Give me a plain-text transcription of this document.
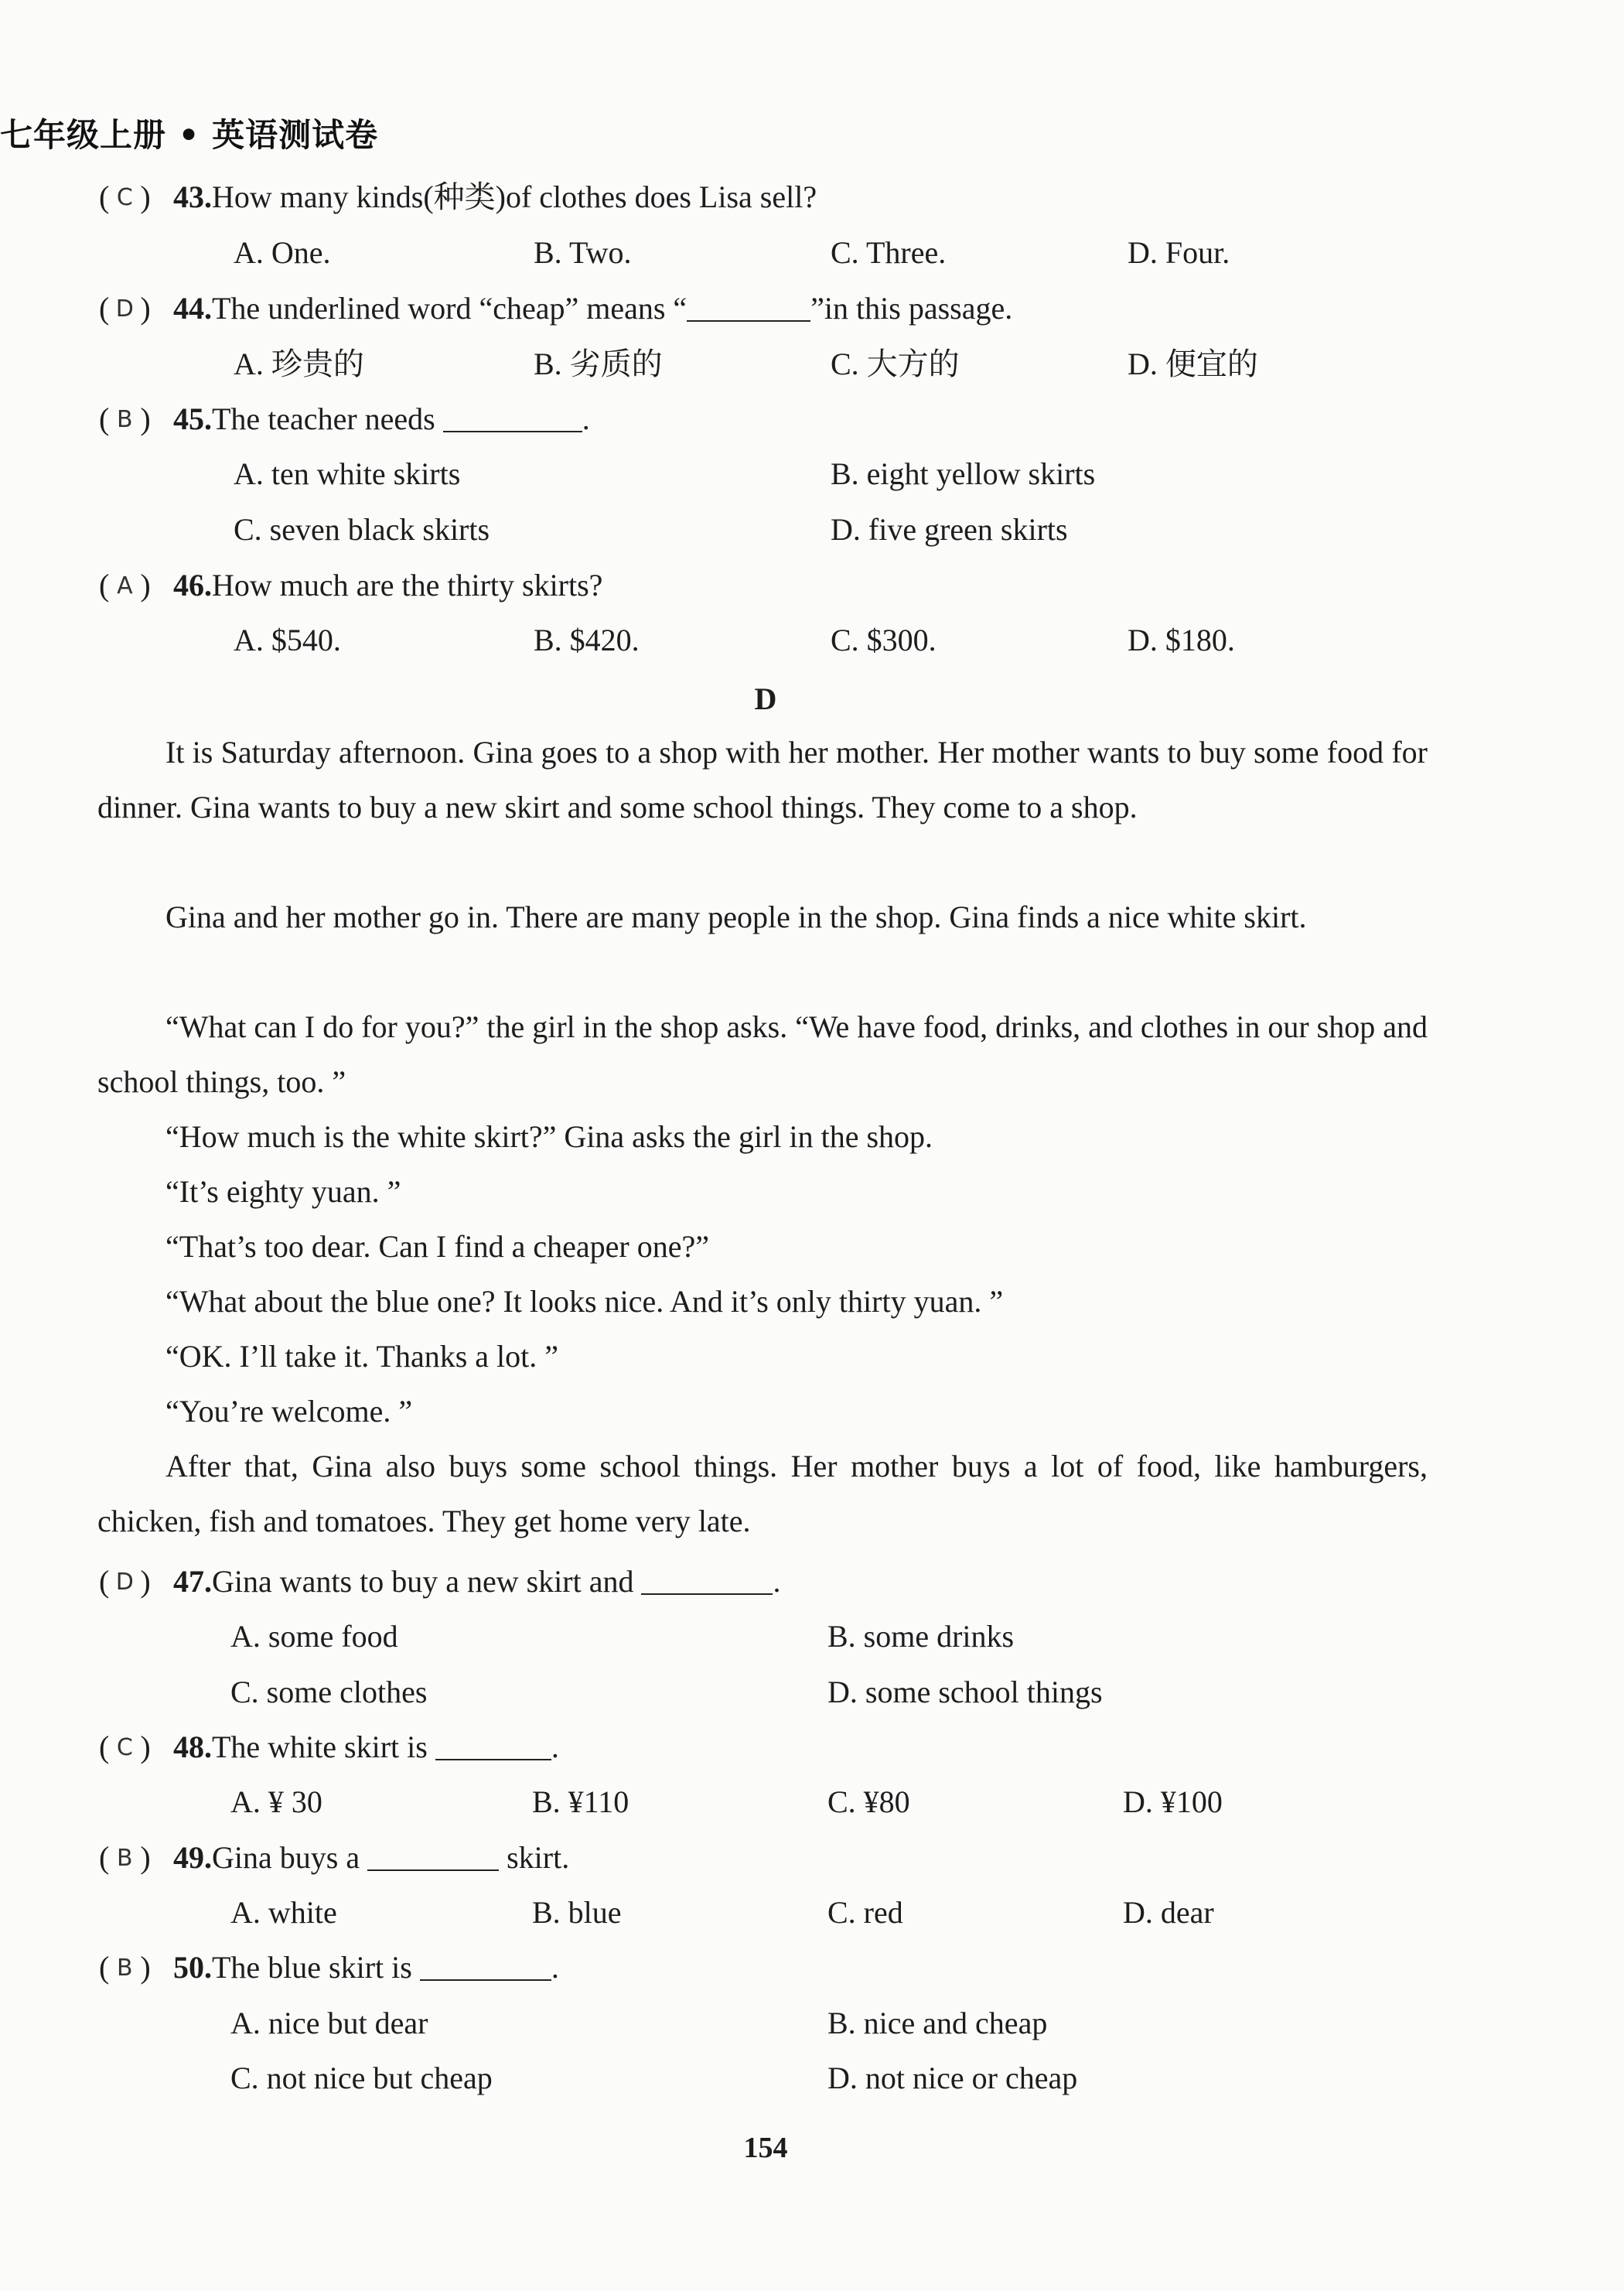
七年级上册 • 英语测试卷
( C ) 43.How many kinds(种类)of clothes does Lisa sell?
A. One.	B. Two.	C. Three.	D. Four.
( D ) 44.The underlined word “cheap” means “	”in this passage.
A. 珍贵的	B. 劣质的	C. 大方的	D. 便宜的
( B ) 45.The teacher needs	.
A. ten white skirts	B. eight yellow skirts
C. seven black skirts	D. five green skirts
( A ) 46.How much are the thirty skirts?
A. $540.	B. $420.	C. $300.	D. $180.
D
It is Saturday afternoon. Gina goes to a shop with her mother. Her mother wants to buy some food for dinner. Gina wants to buy a new skirt and some school things. They come to a shop.
Gina and her mother go in. There are many people in the shop. Gina finds a nice white skirt.
“What can I do for you?” the girl in the shop asks. “We have food, drinks, and clothes in our shop and school things, too. ”
“How much is the white skirt?” Gina asks the girl in the shop.
“It’s eighty yuan. ”
“That’s too dear. Can I find a cheaper one?”
“What about the blue one? It looks nice. And it’s only thirty yuan. ”
“OK. I’ll take it. Thanks a lot. ”
“You’re welcome. ”
After that, Gina also buys some school things. Her mother buys a lot of food, like hamburgers, chicken, fish and tomatoes. They get home very late.
( D ) 47.Gina wants to buy a new skirt and	.
A. some food	B. some drinks
C. some clothes	D. some school things
( C ) 48.The white skirt is	.
A. ¥ 30	B. ¥110	C. ¥80	D. ¥100
( B ) 49.Gina buys a	skirt.
A. white	B. blue	C. red	D. dear
( B ) 50.The blue skirt is	.
A. nice but dear	B. nice and cheap
C. not nice but cheap	D. not nice or cheap
154
